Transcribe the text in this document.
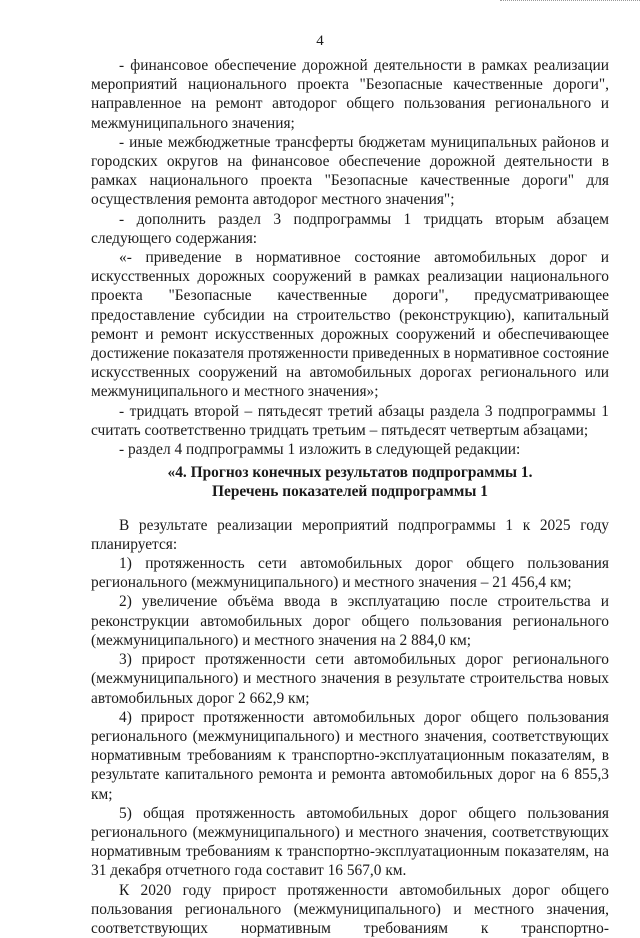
4

- финансовое обеспечение дорожной деятельности в рамках реализации мероприятий национального проекта "Безопасные качественные дороги", направленное на ремонт автодорог общего пользования регионального и межмуниципального значения;

- иные межбюджетные трансферты бюджетам муниципальных районов и городских округов на финансовое обеспечение дорожной деятельности в рамках национального проекта "Безопасные качественные дороги" для осуществления ремонта автодорог местного значения";

- дополнить раздел 3 подпрограммы 1 тридцать вторым абзацем следующего содержания:

«- приведение в нормативное состояние автомобильных дорог и искусственных дорожных сооружений в рамках реализации национального проекта "Безопасные качественные дороги", предусматривающее предоставление субсидии на строительство (реконструкцию), капитальный ремонт и ремонт искусственных дорожных сооружений и обеспечивающее достижение показателя протяженности приведенных в нормативное состояние искусственных сооружений на автомобильных дорогах регионального или межмуниципального и местного значения»;

- тридцать второй – пятьдесят третий абзацы раздела 3 подпрограммы 1 считать соответственно тридцать третьим – пятьдесят четвертым абзацами;

- раздел 4 подпрограммы 1 изложить в следующей редакции:

«4. Прогноз конечных результатов подпрограммы 1.

Перечень показателей подпрограммы 1

В результате реализации мероприятий подпрограммы 1 к 2025 году планируется:

1) протяженность сети автомобильных дорог общего пользования регионального (межмуниципального) и местного значения – 21 456,4 км;

2) увеличение объёма ввода в эксплуатацию после строительства и реконструкции автомобильных дорог общего пользования регионального (межмуниципального) и местного значения на 2 884,0 км;

3) прирост протяженности сети автомобильных дорог регионального (межмуниципального) и местного значения в результате строительства новых автомобильных дорог 2 662,9 км;

4) прирост протяженности автомобильных дорог общего пользования регионального (межмуниципального) и местного значения, соответствующих нормативным требованиям к транспортно-эксплуатационным показателям, в результате капитального ремонта и ремонта автомобильных дорог на 6 855,3 км;

5) общая протяженность автомобильных дорог общего пользования регионального (межмуниципального) и местного значения, соответствующих нормативным требованиям к транспортно-эксплуатационным показателям, на 31 декабря отчетного года составит 16 567,0 км.

К 2020 году прирост протяженности автомобильных дорог общего пользования регионального (межмуниципального) и местного значения, соответствующих нормативным требованиям к транспортно-
